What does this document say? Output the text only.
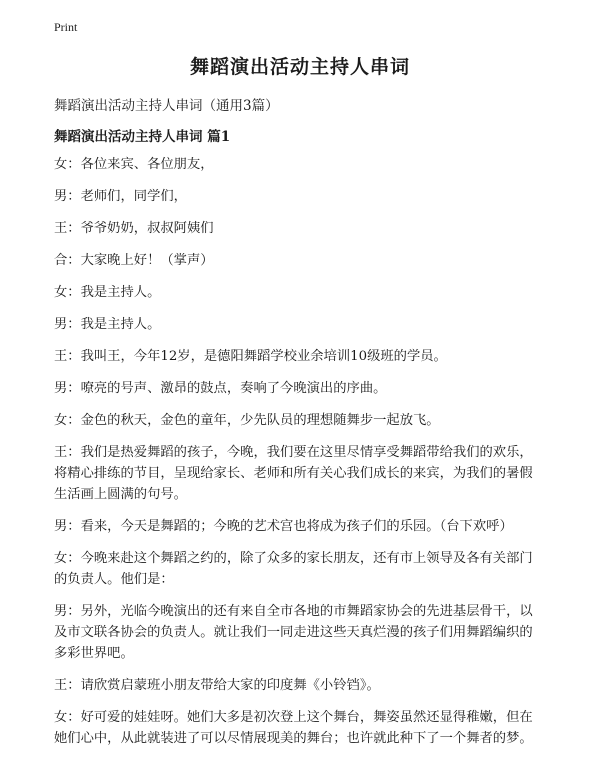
Print
舞蹈演出活动主持人串词
舞蹈演出活动主持人串词（通用3篇）
舞蹈演出活动主持人串词 篇1
女：各位来宾、各位朋友，
男：老师们，同学们，
王：爷爷奶奶，叔叔阿姨们
合：大家晚上好！（掌声）
女：我是主持人。
男：我是主持人。
王：我叫王，今年12岁，是德阳舞蹈学校业余培训10级班的学员。
男：嘹亮的号声、激昂的鼓点，奏响了今晚演出的序曲。
女：金色的秋天，金色的童年，少先队员的理想随舞步一起放飞。
王：我们是热爱舞蹈的孩子，今晚，我们要在这里尽情享受舞蹈带给我们的欢乐，
将精心排练的节目，呈现给家长、老师和所有关心我们成长的来宾，为我们的暑假
生活画上圆满的句号。
男：看来，今天是舞蹈的；今晚的艺术宫也将成为孩子们的乐园。（台下欢呼）
女：今晚来赴这个舞蹈之约的，除了众多的家长朋友，还有市上领导及各有关部门
的负责人。他们是：
男：另外，光临今晚演出的还有来自全市各地的市舞蹈家协会的先进基层骨干，以
及市文联各协会的负责人。就让我们一同走进这些天真烂漫的孩子们用舞蹈编织的
多彩世界吧。
王：请欣赏启蒙班小朋友带给大家的印度舞《小铃铛》。
女：好可爱的娃娃呀。她们大多是初次登上这个舞台，舞姿虽然还显得稚嫩，但在
她们心中，从此就装进了可以尽情展现美的舞台；也许就此种下了一个舞者的梦。
